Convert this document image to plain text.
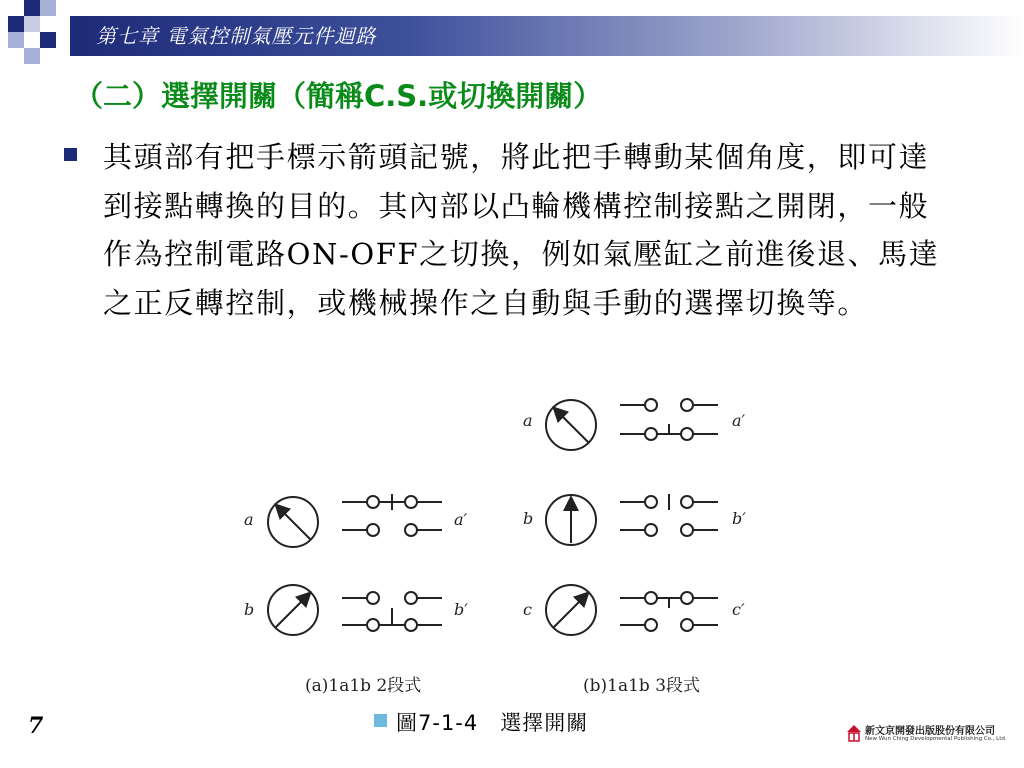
第七章 電氣控制氣壓元件迴路
（二）選擇開關（簡稱C.S.或切換開關）
其頭部有把手標示箭頭記號，將此把手轉動某個角度，即可達到接點轉換的目的。其內部以凸輪機構控制接點之開閉，一般作為控制電路ON-OFF之切換，例如氣壓缸之前進後退、馬達之正反轉控制，或機械操作之自動與手動的選擇切換等。
a	a′
b	b′
a	a′
b	b′
c	c′
(a)1a1b 2段式	(b)1a1b 3段式
圖7-1-4　選擇開關
7	新文京開發出版股份有限公司
New Wun Ching Developmental Publishing Co., Ltd.
